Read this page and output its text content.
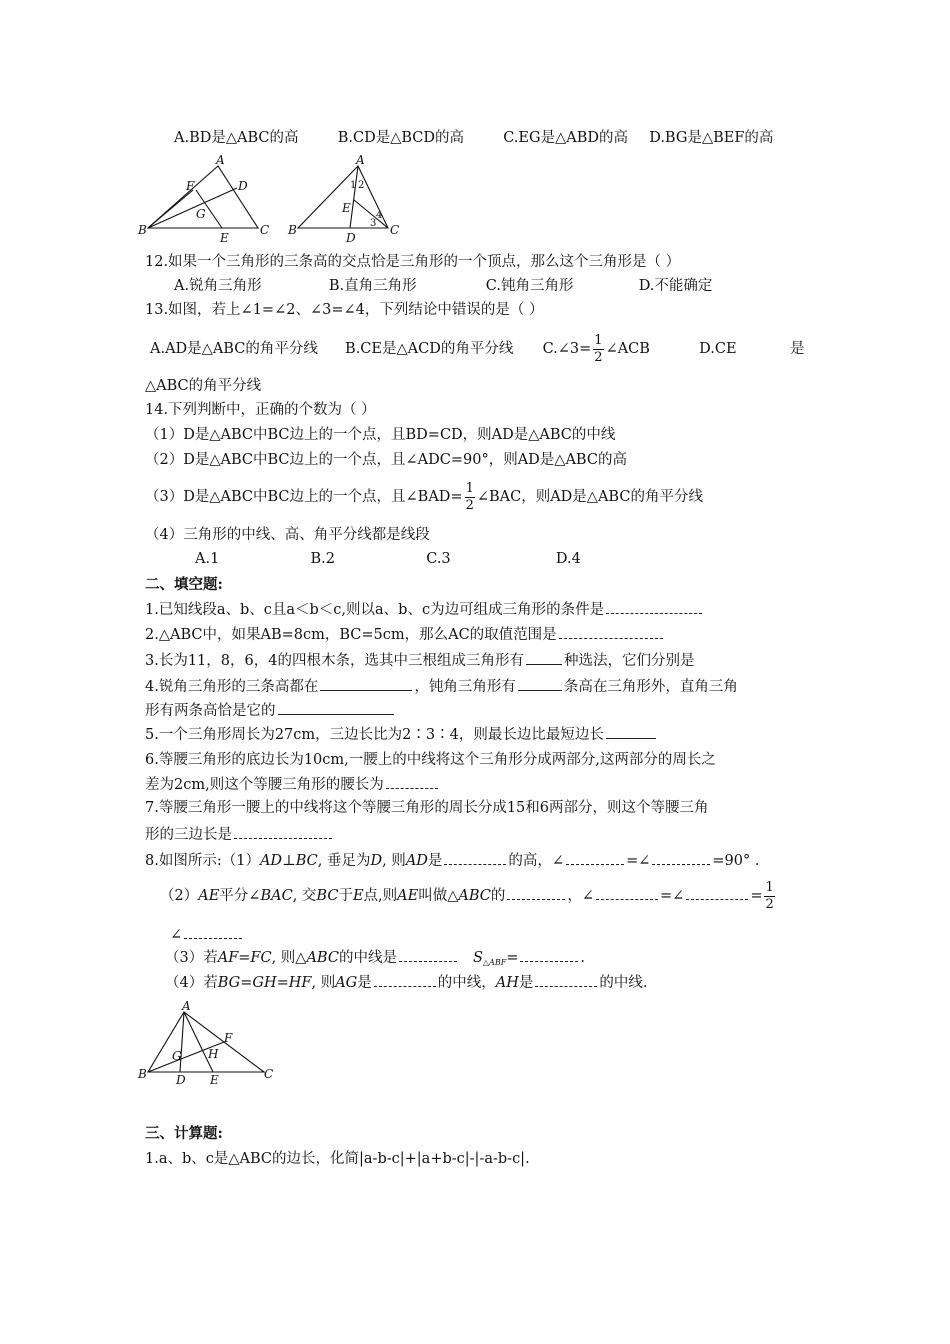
A.BD是△ABC的高	B.CD是△BCD的高	C.EG是△ABD的高 D.BG是△BEF的高
A
B	C
D
E
F
G
A
B	C
D
E
1 2
3
4
12.如果一个三角形的三条高的交点恰是三角形的一个顶点，那么这个三角形是（ ）
A.锐角三角形	B.直角三角形	C.钝角三角形	D.不能确定
13.如图，若上∠1=∠2、∠3=∠4，下列结论中错误的是（ ）
A.AD是△ABC的角平分线 B.CE是△ACD的角平分线 C.∠3= $\frac{1}{2}$ ∠ACB	D.CE	是
△ABC的角平分线
14.下列判断中，正确的个数为（ ）
（1）D是△ABC中BC边上的一个点，且BD=CD，则AD是△ABC的中线
（2）D是△ABC中BC边上的一个点，且∠ADC=90°，则AD是△ABC的高
（3）D是△ABC中BC边上的一个点，且∠BAD= $\frac{1}{2}$ ∠BAC，则AD是△ABC的角平分线
（4）三角形的中线、高、角平分线都是线段
A.1	B.2	C.3	D.4
二、填空题:
1.已知线段a、b、c且a＜b＜c,则以a、b、c为边可组成三角形的条件是
2.△ABC中，如果AB=8cm，BC=5cm，那么AC的取值范围是
3.长为11，8，6，4的四根木条，选其中三根组成三角形有	种选法，它们分别是
4.锐角三角形的三条高都在	，钝角三角形有	条高在三角形外，直角三角
形有两条高恰是它的
5.一个三角形周长为27cm，三边长比为2∶3∶4，则最长边比最短边长
6.等腰三角形的底边长为10cm,一腰上的中线将这个三角形分成两部分,这两部分的周长之
差为2cm,则这个等腰三角形的腰长为
7.等腰三角形一腰上的中线将这个等腰三角形的周长分成15和6两部分，则这个等腰三角
形的三边长是
8.如图所示:（1）AD⊥BC, 垂足为D, 则AD是	的高，∠	=∠	=90° .
（2）AE平分∠BAC, 交BC于E点,则AE叫做△ABC的	，∠	=∠	= $\frac{1}{2}$
∠
（3）若AF=FC, 则△ABC的中线是	$S_{\triangle ABF}=$	.
（4）若BG=GH=HF, 则AG是	的中线，AH是	的中线.
A
B	C
D E
F
G H
三、计算题:
1.a、b、c是△ABC的边长，化简|a-b-c|+|a+b-c|-|-a-b-c|.
